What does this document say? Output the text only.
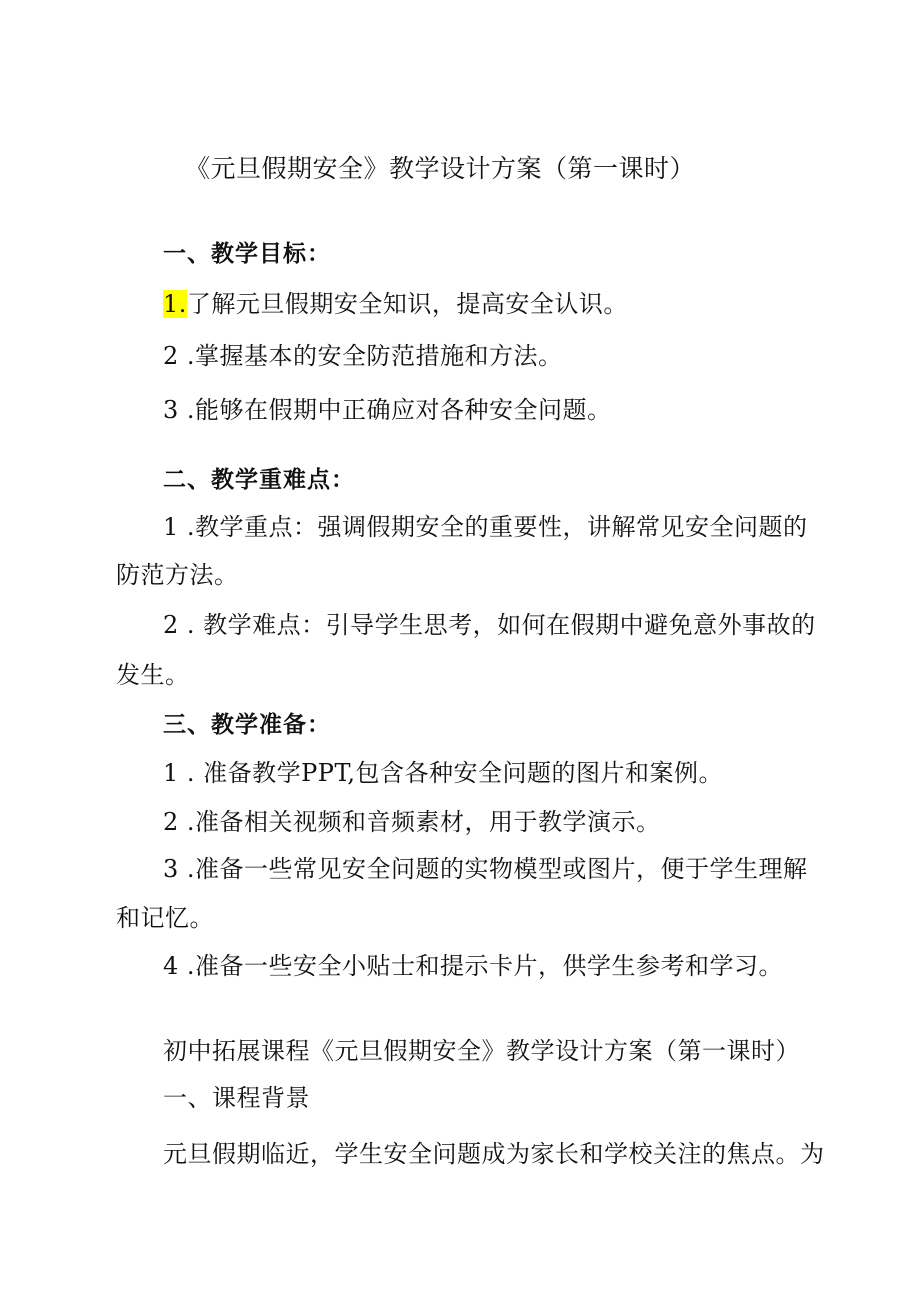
《元旦假期安全》教学设计方案（第一课时）
一、教学目标：
1.了解元旦假期安全知识，提高安全认识。
2 .掌握基本的安全防范措施和方法。
3 .能够在假期中正确应对各种安全问题。
二、教学重难点：
1 .教学重点：强调假期安全的重要性，讲解常见安全问题的
防范方法。
2 . 教学难点：引导学生思考，如何在假期中避免意外事故的
发生。
三、教学准备：
1 . 准备教学PPT,包含各种安全问题的图片和案例。
2 .准备相关视频和音频素材，用于教学演示。
3 .准备一些常见安全问题的实物模型或图片，便于学生理解
和记忆。
4 .准备一些安全小贴士和提示卡片，供学生参考和学习。
初中拓展课程《元旦假期安全》教学设计方案（第一课时）
一、课程背景
元旦假期临近，学生安全问题成为家长和学校关注的焦点。为
